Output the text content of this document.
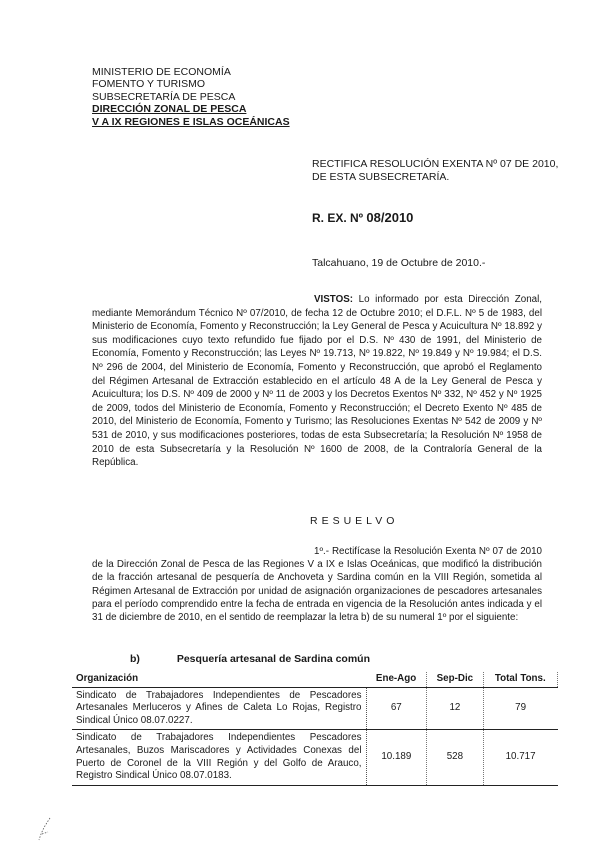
MINISTERIO DE ECONOMÍA
FOMENTO Y TURISMO
SUBSECRETARÍA DE PESCA
DIRECCIÓN ZONAL DE PESCA
V A IX REGIONES E ISLAS OCEÁNICAS
RECTIFICA RESOLUCIÓN EXENTA Nº 07 DE 2010, DE ESTA SUBSECRETARÍA.
R. EX. Nº 08/2010
Talcahuano, 19 de Octubre de 2010.-
VISTOS: Lo informado por esta Dirección Zonal, mediante Memorándum Técnico Nº 07/2010, de fecha 12 de Octubre 2010; el D.F.L. Nº 5 de 1983, del Ministerio de Economía, Fomento y Reconstrucción; la Ley General de Pesca y Acuicultura Nº 18.892 y sus modificaciones cuyo texto refundido fue fijado por el D.S. Nº 430 de 1991, del Ministerio de Economía, Fomento y Reconstrucción; las Leyes Nº 19.713, Nº 19.822, Nº 19.849 y Nº 19.984; el D.S. Nº 296 de 2004, del Ministerio de Economía, Fomento y Reconstrucción, que aprobó el Reglamento del Régimen Artesanal de Extracción establecido en el artículo 48 A de la Ley General de Pesca y Acuicultura; los D.S. Nº 409 de 2000 y Nº 11 de 2003 y los Decretos Exentos Nº 332, Nº 452 y Nº 1925 de 2009, todos del Ministerio de Economía, Fomento y Reconstrucción; el Decreto Exento Nº 485 de 2010, del Ministerio de Economía, Fomento y Turismo; las Resoluciones Exentas Nº 542 de 2009 y Nº 531 de 2010, y sus modificaciones posteriores, todas de esta Subsecretaría; la Resolución Nº 1958 de 2010 de esta Subsecretaría y la Resolución Nº 1600 de 2008, de la Contraloría General de la República.
RESUELVO
1º.- Rectifícase la Resolución Exenta Nº 07 de 2010 de la Dirección Zonal de Pesca de las Regiones V a IX e Islas Oceánicas, que modificó la distribución de la fracción artesanal de pesquería de Anchoveta y Sardina común en la VIII Región, sometida al Régimen Artesanal de Extracción por unidad de asignación organizaciones de pescadores artesanales para el período comprendido entre la fecha de entrada en vigencia de la Resolución antes indicada y el 31 de diciembre de 2010, en el sentido de reemplazar la letra b) de su numeral 1º por el siguiente:
b)	Pesquería artesanal de Sardina común
Organización	Ene-Ago	Sep-Dic	Total Tons.
Sindicato de Trabajadores Independientes de Pescadores Artesanales Merluceros y Afines de Caleta Lo Rojas, Registro Sindical Único 08.07.0227.	67	12	79
Sindicato de Trabajadores Independientes Pescadores Artesanales, Buzos Mariscadores y Actividades Conexas del Puerto de Coronel de la VIII Región y del Golfo de Arauco, Registro Sindical Único 08.07.0183.	10.189	528	10.717
